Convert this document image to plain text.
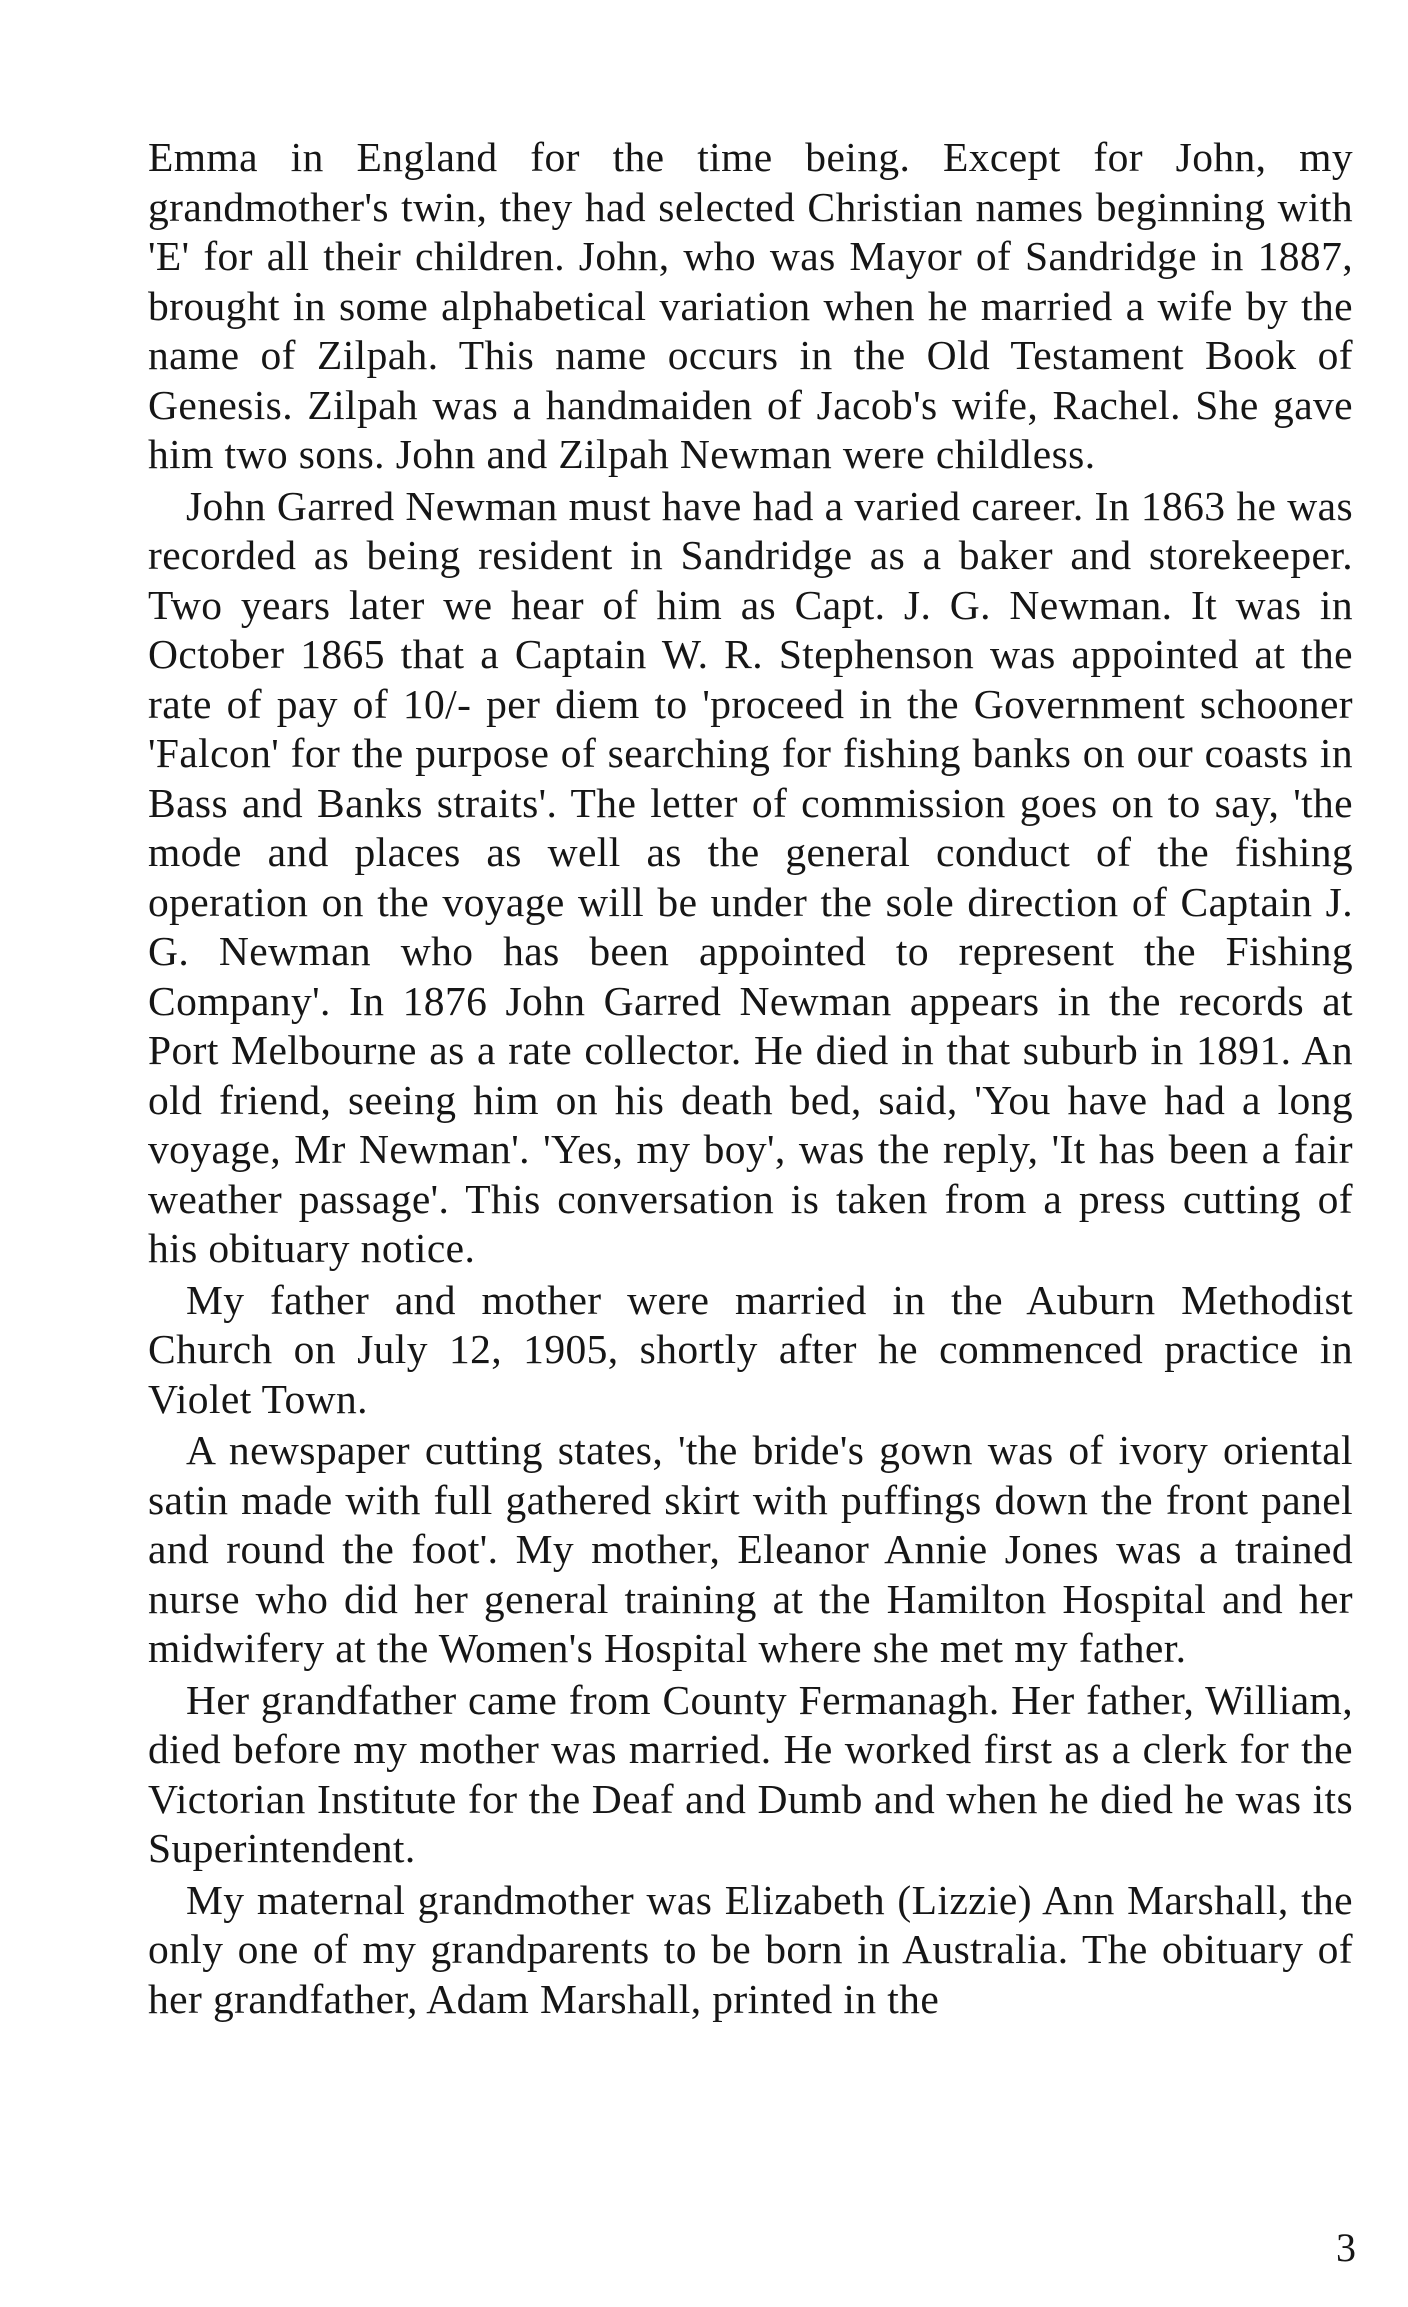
Emma in England for the time being. Except for John, my grandmother's twin, they had selected Christian names beginning with 'E' for all their children. John, who was Mayor of Sandridge in 1887, brought in some alphabetical variation when he married a wife by the name of Zilpah. This name occurs in the Old Testament Book of Genesis. Zilpah was a handmaiden of Jacob's wife, Rachel. She gave him two sons. John and Zilpah Newman were childless.

John Garred Newman must have had a varied career. In 1863 he was recorded as being resident in Sandridge as a baker and storekeeper. Two years later we hear of him as Capt. J. G. Newman. It was in October 1865 that a Captain W. R. Stephenson was appointed at the rate of pay of 10/- per diem to 'proceed in the Government schooner 'Falcon' for the purpose of searching for fishing banks on our coasts in Bass and Banks straits'. The letter of commission goes on to say, 'the mode and places as well as the general conduct of the fishing operation on the voyage will be under the sole direction of Captain J. G. Newman who has been appointed to represent the Fishing Company'. In 1876 John Garred Newman appears in the records at Port Melbourne as a rate collector. He died in that suburb in 1891. An old friend, seeing him on his death bed, said, 'You have had a long voyage, Mr Newman'. 'Yes, my boy', was the reply, 'It has been a fair weather passage'. This conversation is taken from a press cutting of his obituary notice.

My father and mother were married in the Auburn Methodist Church on July 12, 1905, shortly after he commenced practice in Violet Town.

A newspaper cutting states, 'the bride's gown was of ivory oriental satin made with full gathered skirt with puffings down the front panel and round the foot'. My mother, Eleanor Annie Jones was a trained nurse who did her general training at the Hamilton Hospital and her midwifery at the Women's Hospital where she met my father.

Her grandfather came from County Fermanagh. Her father, William, died before my mother was married. He worked first as a clerk for the Victorian Institute for the Deaf and Dumb and when he died he was its Superintendent.

My maternal grandmother was Elizabeth (Lizzie) Ann Marshall, the only one of my grandparents to be born in Australia. The obituary of her grandfather, Adam Marshall, printed in the

3
